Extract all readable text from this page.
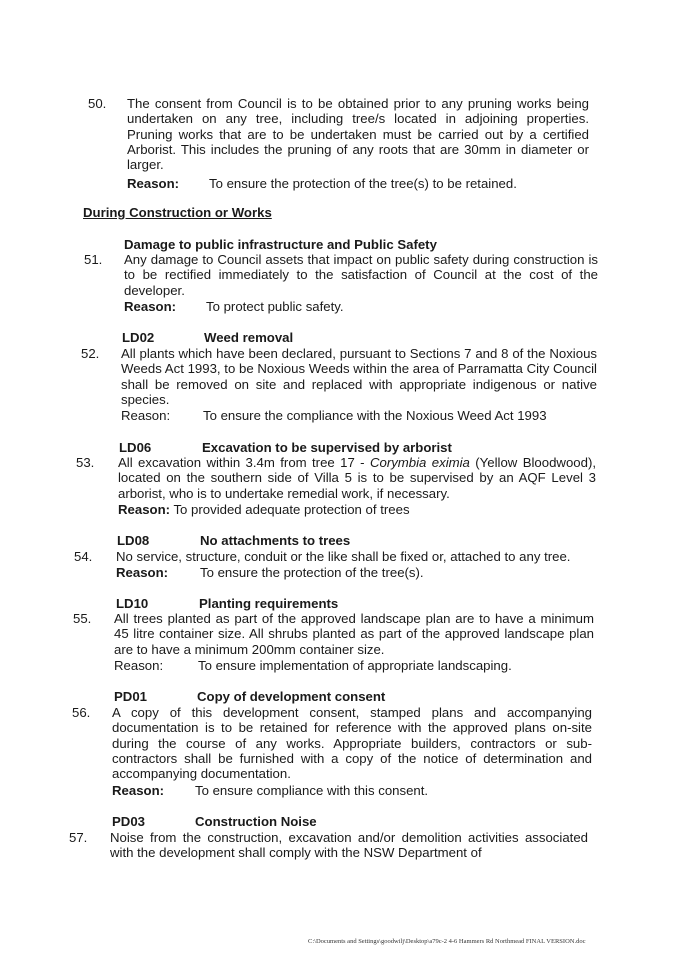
50. The consent from Council is to be obtained prior to any pruning works being undertaken on any tree, including tree/s located in adjoining properties. Pruning works that are to be undertaken must be carried out by a certified Arborist. This includes the pruning of any roots that are 30mm in diameter or larger.
Reason: To ensure the protection of the tree(s) to be retained.
During Construction or Works
Damage to public infrastructure and Public Safety
51. Any damage to Council assets that impact on public safety during construction is to be rectified immediately to the satisfaction of Council at the cost of the developer.
Reason: To protect public safety.
LD02	Weed removal
52. All plants which have been declared, pursuant to Sections 7 and 8 of the Noxious Weeds Act 1993, to be Noxious Weeds within the area of Parramatta City Council shall be removed on site and replaced with appropriate indigenous or native species.
Reason: To ensure the compliance with the Noxious Weed Act 1993
LD06	Excavation to be supervised by arborist
53. All excavation within 3.4m from tree 17 - Corymbia eximia (Yellow Bloodwood), located on the southern side of Villa 5 is to be supervised by an AQF Level 3 arborist, who is to undertake remedial work, if necessary.
Reason: To provided adequate protection of trees
LD08	No attachments to trees
54. No service, structure, conduit or the like shall be fixed or, attached to any tree.
Reason: To ensure the protection of the tree(s).
LD10	Planting requirements
55. All trees planted as part of the approved landscape plan are to have a minimum 45 litre container size. All shrubs planted as part of the approved landscape plan are to have a minimum 200mm container size.
Reason:	To ensure implementation of appropriate landscaping.
PD01	Copy of development consent
56. A copy of this development consent, stamped plans and accompanying documentation is to be retained for reference with the approved plans on-site during the course of any works. Appropriate builders, contractors or sub-contractors shall be furnished with a copy of the notice of determination and accompanying documentation.
Reason: To ensure compliance with this consent.
PD03	Construction Noise
57. Noise from the construction, excavation and/or demolition activities associated with the development shall comply with the NSW Department of
C:\Documents and Settings\goodwilj\Desktop\a79c-2 4-6 Hammers Rd Northmead FINAL VERSION.doc
